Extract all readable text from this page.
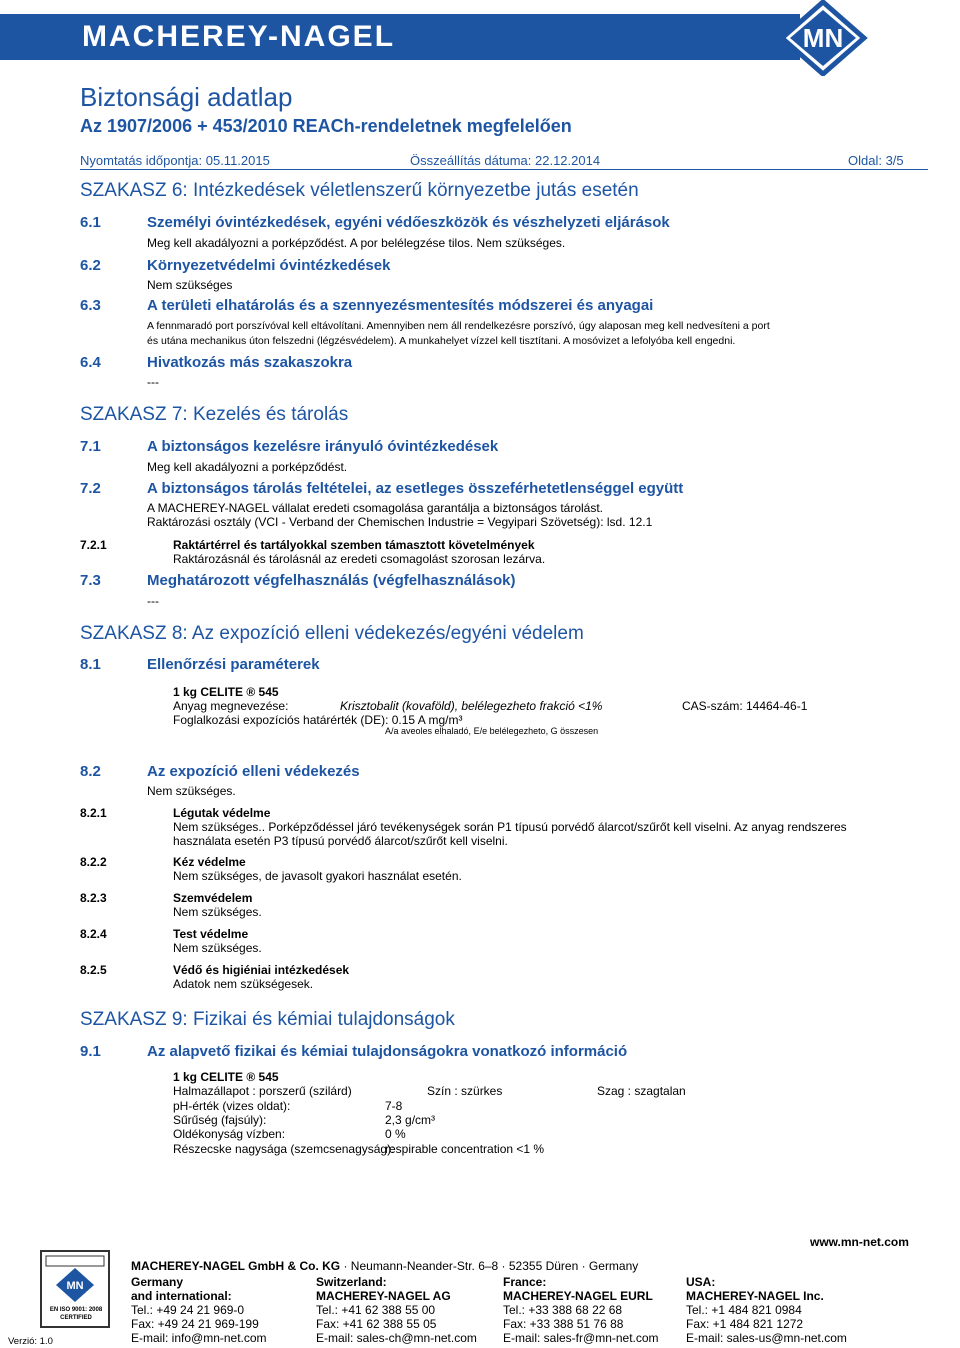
MACHEREY-NAGEL	MN
Biztonsági adatlap
Az 1907/2006 + 453/2010 REACh-rendeletnek megfelelően
Nyomtatás időpontja: 05.11.2015	Összeállítás dátuma: 22.12.2014	Oldal: 3/5
SZAKASZ 6: Intézkedések véletlenszerű környezetbe jutás esetén
6.1	Személyi óvintézkedések, egyéni védőeszközök és vészhelyzeti eljárások
Meg kell akadályozni a porképződést. A por belélegzése tilos. Nem szükséges.
6.2	Környezetvédelmi óvintézkedések
Nem szükséges
6.3	A területi elhatárolás és a szennyezésmentesítés módszerei és anyagai
A fennmaradó port porszívóval kell eltávolítani. Amennyiben nem áll rendelkezésre porszívó, úgy alaposan meg kell nedvesíteni a port
és utána mechanikus úton felszedni (légzésvédelem). A munkahelyet vízzel kell tisztítani. A mosóvizet a lefolyóba kell engedni.
6.4	Hivatkozás más szakaszokra
---
SZAKASZ 7: Kezelés és tárolás
7.1	A biztonságos kezelésre irányuló óvintézkedések
Meg kell akadályozni a porképződést.
7.2	A biztonságos tárolás feltételei, az esetleges összeférhetetlenséggel együtt
A MACHEREY-NAGEL vállalat eredeti csomagolása garantálja a biztonságos tárolást.
Raktározási osztály (VCI - Verband der Chemischen Industrie = Vegyipari Szövetség): lsd. 12.1
7.2.1	Raktártérrel és tartályokkal szemben támasztott követelmények
Raktározásnál és tárolásnál az eredeti csomagolást szorosan lezárva.
7.3	Meghatározott végfelhasználás (végfelhasználások)
---
SZAKASZ 8: Az expozíció elleni védekezés/egyéni védelem
8.1	Ellenőrzési paraméterek
1 kg CELITE ® 545
Anyag megnevezése:	Krisztobalit (kovaföld), belélegezheto frakció <1%	CAS-szám: 14464-46-1
Foglalkozási expozíciós határérték (DE): 0.15 A mg/m³
A/a aveoles elhaladó, E/e belélegezheto, G összesen
8.2	Az expozíció elleni védekezés
Nem szükséges.
8.2.1	Légutak védelme
Nem szükséges.. Porképződéssel járó tevékenységek során P1 típusú porvédő álarcot/szűrőt kell viselni. Az anyag rendszeres
használata esetén P3 típusú porvédő álarcot/szűrőt kell viselni.
8.2.2	Kéz védelme
Nem szükséges, de javasolt gyakori használat esetén.
8.2.3	Szemvédelem
Nem szükséges.
8.2.4	Test védelme
Nem szükséges.
8.2.5	Védő és higiéniai intézkedések
Adatok nem szükségesek.
SZAKASZ 9: Fizikai és kémiai tulajdonságok
9.1	Az alapvető fizikai és kémiai tulajdonságokra vonatkozó információ
1 kg CELITE ® 545
Halmazállapot : porszerű (szilárd)	Szín : szürkes	Szag : szagtalan
pH-érték (vizes oldat):	7-8
Sűrűség (fajsúly):	2,3 g/cm³
Oldékonyság vízben:	0 %
Részecske nagysága (szemcsenagyság):
respirable concentration <1 %
www.mn-net.com
MACHEREY-NAGEL GmbH & Co. KG · Neumann-Neander-Str. 6–8 · 52355 Düren · Germany
MN
EN ISO 9001: 2008 CERTIFIED
Verzió: 1.0
Germany
and international:
Tel.: +49 24 21 969-0
Fax: +49 24 21 969-199
E-mail: info@mn-net.com
Switzerland:
MACHEREY-NAGEL AG
Tel.: +41 62 388 55 00
Fax: +41 62 388 55 05
E-mail: sales-ch@mn-net.com
France:
MACHEREY-NAGEL EURL
Tel.: +33 388 68 22 68
Fax: +33 388 51 76 88
E-mail: sales-fr@mn-net.com
USA:
MACHEREY-NAGEL Inc.
Tel.: +1 484 821 0984
Fax: +1 484 821 1272
E-mail: sales-us@mn-net.com
